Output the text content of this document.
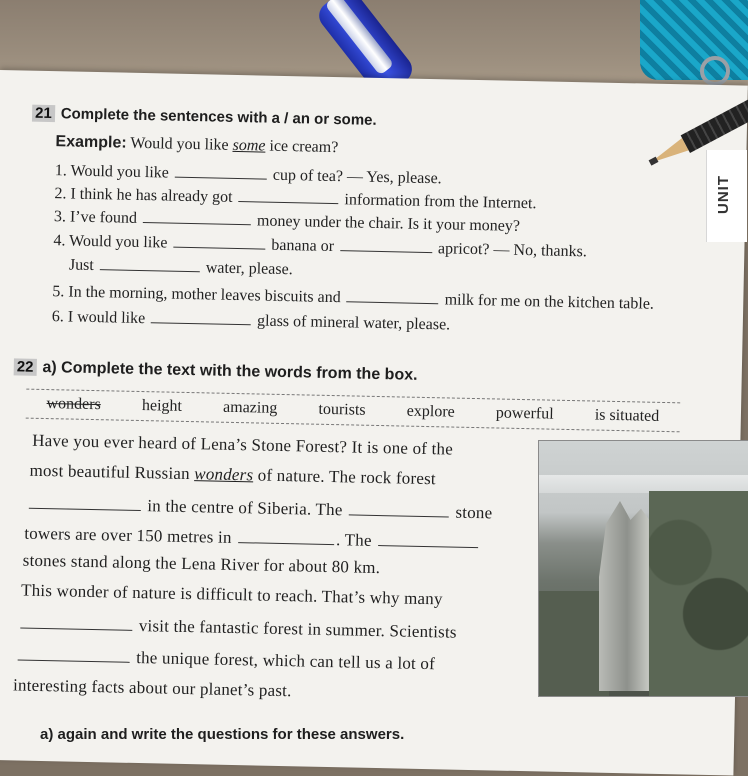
21 Complete the sentences with a / an or some.
Example: Would you like some ice cream?
1. Would you like	cup of tea? — Yes, please.
2. I think he has already got	information from the Internet.
3. I’ve found	money under the chair. Is it your money?
4. Would you like	banana or	apricot? — No, thanks.
Just	water, please.
5. In the morning, mother leaves biscuits and	milk for me on the kitchen table.
6. I would like	glass of mineral water, please.
22 a) Complete the text with the words from the box.
wonders	height	amazing	tourists	explore	powerful	is situated
Have you ever heard of Lena’s Stone Forest? It is one of the
most beautiful Russian wonders of nature. The rock forest
in the centre of Siberia. The	stone
towers are over 150 metres in	. The
stones stand along the Lena River for about 80 km.
This wonder of nature is difficult to reach. That’s why many
visit the fantastic forest in summer. Scientists
the unique forest, which can tell us a lot of
interesting facts about our planet’s past.
UNIT
a) again and write the questions for these answers.
